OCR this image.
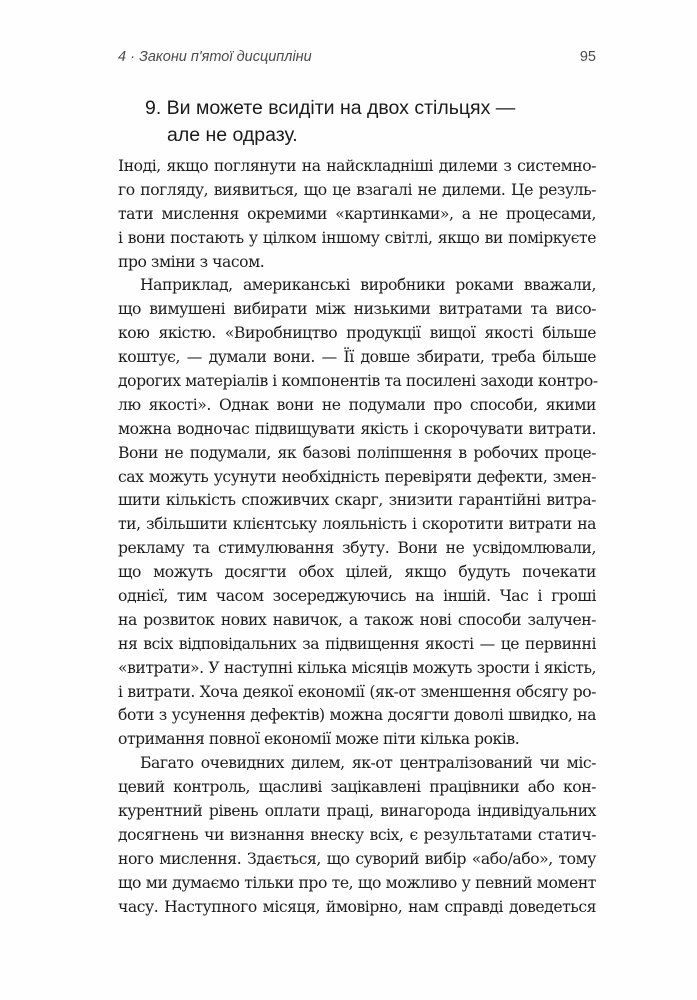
4 · Закони п'ятої дисципліни	95
9. Ви можете всидіти на двох стільцях —
але не одразу.
Іноді, якщо поглянути на найскладніші дилеми з системно-
го погляду, виявиться, що це взагалі не дилеми. Це резуль-
тати мислення окремими «картинками», а не процесами,
і вони постають у цілком іншому світлі, якщо ви поміркуєте
про зміни з часом.
Наприклад, американські виробники роками вважали,
що вимушені вибирати між низькими витратами та висо-
кою якістю. «Виробництво продукції вищої якості більше
коштує, — думали вони. — Її довше збирати, треба більше
дорогих матеріалів і компонентів та посилені заходи контро-
лю якості». Однак вони не подумали про способи, якими
можна водночас підвищувати якість і скорочувати витрати.
Вони не подумали, як базові поліпшення в робочих проце-
сах можуть усунути необхідність перевіряти дефекти, змен-
шити кількість споживчих скарг, знизити гарантійні витра-
ти, збільшити клієнтську лояльність і скоротити витрати на
рекламу та стимулювання збуту. Вони не усвідомлювали,
що можуть досягти обох цілей, якщо будуть почекати
однієї, тим часом зосереджуючись на іншій. Час і гроші
на розвиток нових навичок, а також нові способи залучен-
ня всіх відповідальних за підвищення якості — це первинні
«витрати». У наступні кілька місяців можуть зрости і якість,
і витрати. Хоча деякої економії (як-от зменшення обсягу ро-
боти з усунення дефектів) можна досягти доволі швидко, на
отримання повної економії може піти кілька років.
Багато очевидних дилем, як-от централізований чи міс-
цевий контроль, щасливі зацікавлені працівники або кон-
курентний рівень оплати праці, винагорода індивідуальних
досягнень чи визнання внеску всіх, є результатами статич-
ного мислення. Здається, що суворий вибір «або/або», тому
що ми думаємо тільки про те, що можливо у певний момент
часу. Наступного місяця, ймовірно, нам справді доведеться
